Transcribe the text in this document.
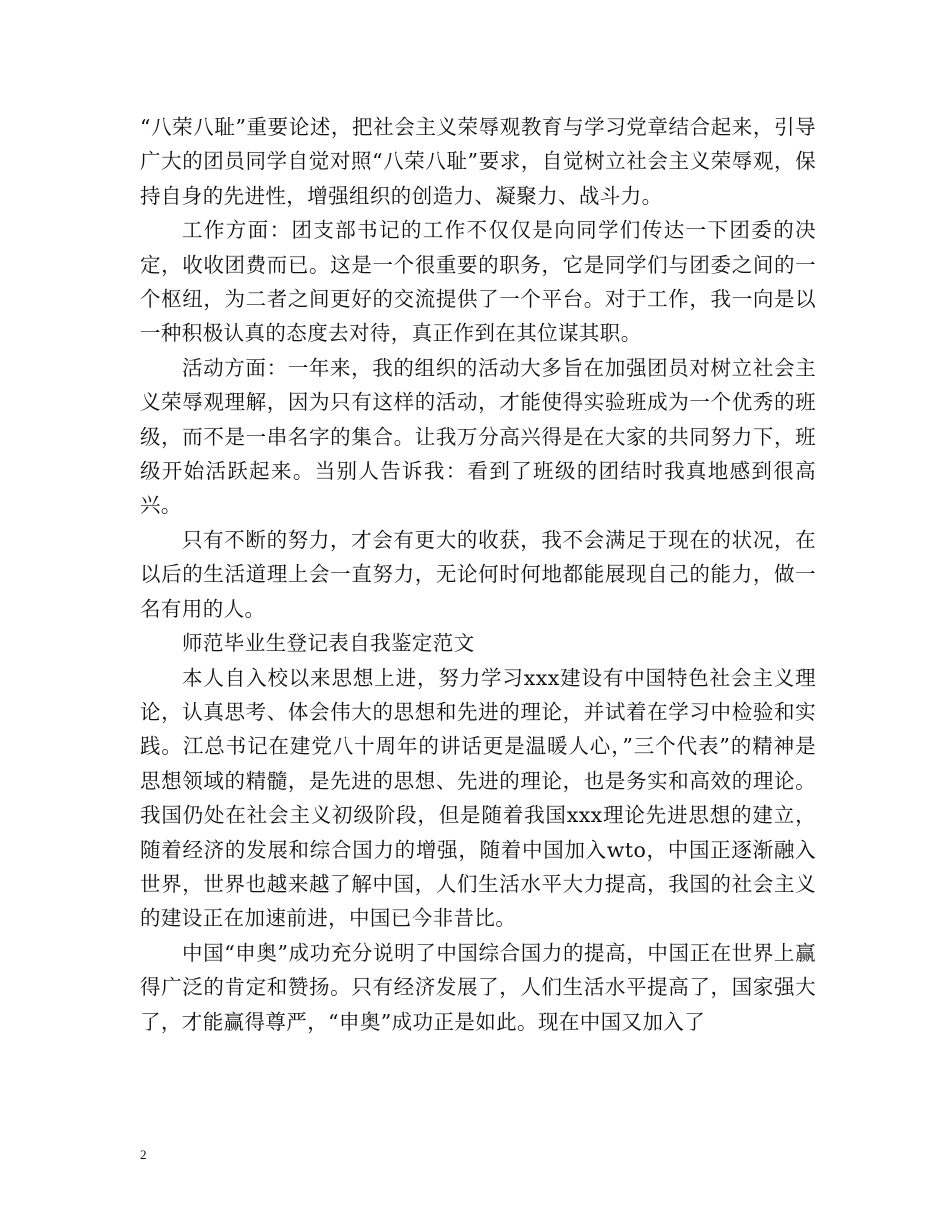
“八荣八耻”重要论述，把社会主义荣辱观教育与学习党章结合起来，引导广大的团员同学自觉对照“八荣八耻”要求，自觉树立社会主义荣辱观，保持自身的先进性，增强组织的创造力、凝聚力、战斗力。

工作方面：团支部书记的工作不仅仅是向同学们传达一下团委的决定，收收团费而已。这是一个很重要的职务，它是同学们与团委之间的一个枢纽，为二者之间更好的交流提供了一个平台。对于工作，我一向是以一种积极认真的态度去对待，真正作到在其位谋其职。

活动方面：一年来，我的组织的活动大多旨在加强团员对树立社会主义荣辱观理解，因为只有这样的活动，才能使得实验班成为一个优秀的班级，而不是一串名字的集合。让我万分高兴得是在大家的共同努力下，班级开始活跃起来。当别人告诉我：看到了班级的团结时我真地感到很高兴。

只有不断的努力，才会有更大的收获，我不会满足于现在的状况，在以后的生活道理上会一直努力，无论何时何地都能展现自己的能力，做一名有用的人。

师范毕业生登记表自我鉴定范文

本人自入校以来思想上进，努力学习xxx建设有中国特色社会主义理论，认真思考、体会伟大的思想和先进的理论，并试着在学习中检验和实践。江总书记在建党八十周年的讲话更是温暖人心，”三个代表”的精神是思想领域的精髓，是先进的思想、先进的理论，也是务实和高效的理论。我国仍处在社会主义初级阶段，但是随着我国xxx理论先进思想的建立，随着经济的发展和综合国力的增强，随着中国加入wto，中国正逐渐融入世界，世界也越来越了解中国，人们生活水平大力提高，我国的社会主义的建设正在加速前进，中国已今非昔比。

中国“申奥”成功充分说明了中国综合国力的提高，中国正在世界上赢得广泛的肯定和赞扬。只有经济发展了，人们生活水平提高了，国家强大了，才能赢得尊严，“申奥”成功正是如此。现在中国又加入了

2
